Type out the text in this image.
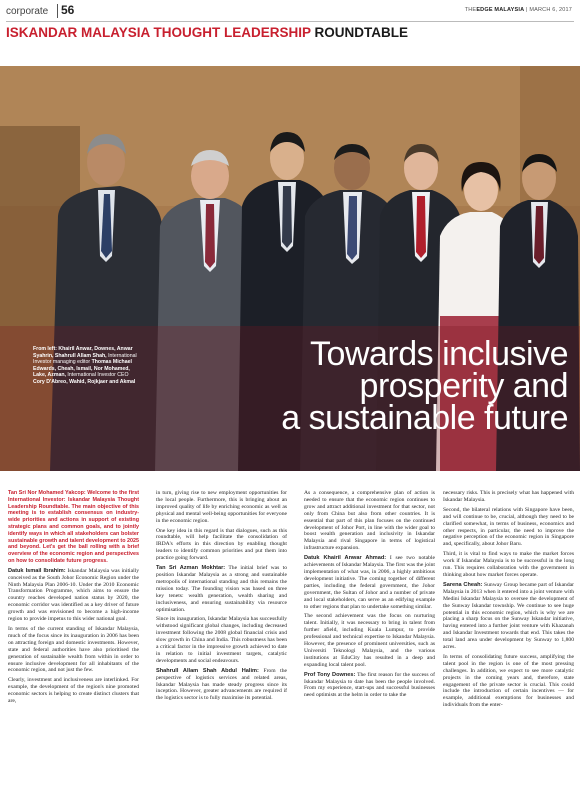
corporate 56	THEEDGE MALAYSIA | MARCH 6, 2017
ISKANDAR MALAYSIA THOUGHT LEADERSHIP ROUNDTABLE
From left: Khairil Anwar, Downes, Anwar Syahrin, Shahrull Allam Shah, International Investor managing editor Thomas Michael Edwards, Cheah, Ismail, Nor Mohamed, Lake, Azman, International Investor CEO Cory D'Abreo, Wahid, Rojkjaer and Akmal
Towards inclusive
prosperity and
a sustainable future

Tan Sri Nor Mohamed Yakcop: Welcome to the first International Investor: Iskandar Malaysia Thought Leadership Roundtable. The main objective of this meeting is to establish consensus on industry-wide priorities and actions in support of existing strategic plans and common goals, and to jointly identify ways in which all stakeholders can bolster sustainable growth and talent development to 2025 and beyond. Let's get the ball rolling with a brief overview of the economic region and perspectives on how to consolidate future progress.

Datuk Ismail Ibrahim: Iskandar Malaysia was initially conceived as the South Johor Economic Region under the Ninth Malaysia Plan 2006-10. Under the 2010 Economic Transformation Programme, which aims to ensure the country reaches developed nation status by 2020, the economic corridor was identified as a key driver of future growth and was envisioned to become a high-income region to provide impetus to this wider national goal.

In terms of the current standing of Iskandar Malaysia, much of the focus since its inauguration in 2006 has been on attracting foreign and domestic investments. However, state and federal authorities have also prioritised the generation of sustainable wealth from within in order to ensure inclusive development for all inhabitants of the economic region, and not just the few.

Clearly, investment and inclusiveness are interlinked. For example, the development of the region's nine promoted economic sectors is helping to create distinct clusters that are,

in turn, giving rise to new employment opportunities for the local people. Furthermore, this is bringing about an improved quality of life by enriching economic as well as physical and mental well-being opportunities for everyone in the economic region.

One key idea in this regard is that dialogues, such as this roundtable, will help facilitate the consolidation of IRDA's efforts in this direction by enabling thought leaders to identify common priorities and put them into practice going forward.

Tan Sri Azman Mokhtar: The initial brief was to position Iskandar Malaysia as a strong and sustainable metropolis of international standing and this remains the mission today. The founding vision was based on three key tenets: wealth generation, wealth sharing and inclusiveness, and ensuring sustainability via resource optimisation.

Since its inauguration, Iskandar Malaysia has successfully withstood significant global changes, including decreased investment following the 2008 global financial crisis and slow growth in China and India. This robustness has been a critical factor in the impressive growth achieved to date in relation to initial investment targets, catalytic developments and social endeavours.

Shahrull Allam Shah Abdul Halim: From the perspective of logistics services and related areas, Iskandar Malaysia has made steady progress since its inception. However, greater advancements are required if the logistics sector is to fully maximise its potential.

As a consequence, a comprehensive plan of action is needed to ensure that the economic region continues to grow and attract additional investment for that sector, not only from China but also from other countries. It is essential that part of this plan focuses on the continued development of Johor Port, in line with the wider goal to boost wealth generation and inclusivity in Iskandar Malaysia and rival Singapore in terms of logistical infrastructure expansion.

Datuk Khairil Anwar Ahmad: I see two notable achievements of Iskandar Malaysia. The first was the joint implementation of what was, in 2006, a highly ambitious development initiative. The coming together of different parties, including the federal government, the Johor government, the Sultan of Johor and a number of private and local stakeholders, can serve as an edifying example to other regions that plan to undertake something similar.

The second achievement was the focus on nurturing talent. Initially, it was necessary to bring in talent from further afield, including Kuala Lumpur, to provide professional and technical expertise to Iskandar Malaysia. However, the presence of prominent universities, such as Universiti Teknologi Malaysia, and the various institutions at EduCity has resulted in a deep and expanding local talent pool.

Prof Tony Downes: The first reason for the success of Iskandar Malaysia to date has been the people involved. From my experience, start-ups and successful businesses need optimists at the helm in order to take the

necessary risks. This is precisely what has happened with Iskandar Malaysia.

Second, the bilateral relations with Singapore have been, and will continue to be, crucial, although they need to be clarified somewhat, in terms of business, economics and other respects, in particular, the need to improve the negative perception of the economic region in Singapore and, specifically, about Johor Baru.

Third, it is vital to find ways to make the market forces work if Iskandar Malaysia is to be successful in the long run. This requires collaboration with the government in thinking about how market forces operate.

Sarena Cheah: Sunway Group became part of Iskandar Malaysia in 2013 when it entered into a joint venture with Medini Iskandar Malaysia to oversee the development of the Sunway Iskandar township. We continue to see huge potential in this economic region, which is why we are placing a sharp focus on the Sunway Iskandar initiative, having entered into a further joint venture with Khazanah and Iskandar Investment towards that end. This takes the total land area under development by Sunway to 1,800 acres.

In terms of consolidating future success, amplifying the talent pool in the region is one of the most pressing challenges. In addition, we expect to see more catalytic projects in the coming years and, therefore, state engagement of the private sector is crucial. This could include the introduction of certain incentives — for example, additional exemptions for businesses and individuals from the enter-
